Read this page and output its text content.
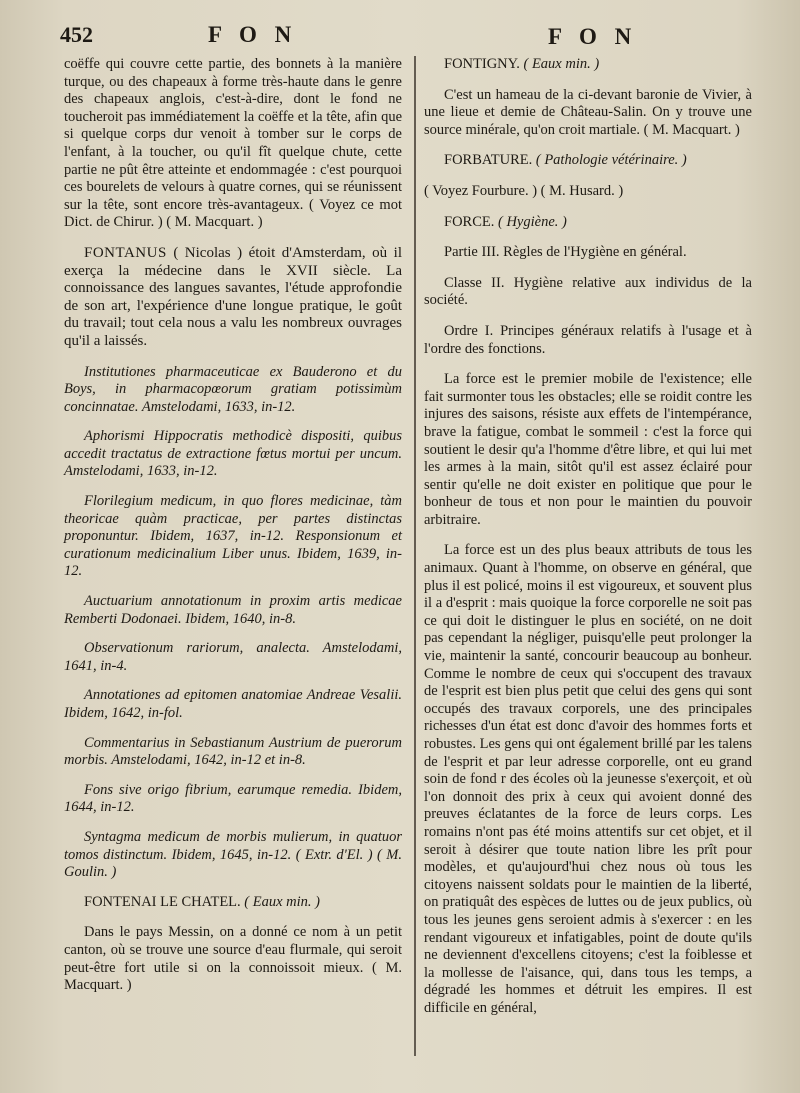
452	F O N	F O N

coëffe qui couvre cette partie, des bonnets à la manière turque, ou des chapeaux à forme très-haute dans le genre des chapeaux anglois, c'est-à-dire, dont le fond ne toucheroit pas immédiatement la coëffe et la tête, afin que si quelque corps dur venoit à tomber sur le corps de l'enfant, à la toucher, ou qu'il fît quelque chute, cette partie ne pût être atteinte et endommagée : c'est pourquoi ces bourelets de velours à quatre cornes, qui se réunissent sur la tête, sont encore très-avantageux. ( Voyez ce mot Dict. de Chirur. ) ( M. Macquart. )

FONTANUS ( Nicolas ) étoit d'Amsterdam, où il exerça la médecine dans le XVII siècle. La connoissance des langues savantes, l'étude approfondie de son art, l'expérience d'une longue pratique, le goût du travail; tout cela nous a valu les nombreux ouvrages qu'il a laissés.

Institutiones pharmaceuticae ex Bauderono et du Boys, in pharmacopœorum gratiam potissimùm concinnatae. Amstelodami, 1633, in-12.

Aphorismi Hippocratis methodicè dispositi, quibus accedit tractatus de extractione fœtus mortui per uncum. Amstelodami, 1633, in-12.

Florilegium medicum, in quo flores medicinae, tàm theoricae quàm practicae, per partes distinctas proponuntur. Ibidem, 1637, in-12. Responsionum et curationum medicinalium Liber unus. Ibidem, 1639, in-12.

Auctuarium annotationum in proxim artis medicae Remberti Dodonaei. Ibidem, 1640, in-8.

Observationum rariorum, analecta. Amstelodami, 1641, in-4.

Annotationes ad epitomen anatomiae Andreae Vesalii. Ibidem, 1642, in-fol.

Commentarius in Sebastianum Austrium de puerorum morbis. Amstelodami, 1642, in-12 et in-8.

Fons sive origo fibrium, earumque remedia. Ibidem, 1644, in-12.

Syntagma medicum de morbis mulierum, in quatuor tomos distinctum. Ibidem, 1645, in-12. ( Extr. d'El. ) ( M. Goulin. )

FONTENAI LE CHATEL. ( Eaux min. )

Dans le pays Messin, on a donné ce nom à un petit canton, où se trouve une source d'eau flurmale, qui seroit peut-être fort utile si on la connoissoit mieux. ( M. Macquart. )

FONTIGNY. ( Eaux min. )

C'est un hameau de la ci-devant baronie de Vivier, à une lieue et demie de Château-Salin. On y trouve une source minérale, qu'on croit martiale. ( M. Macquart. )

FORBATURE. ( Pathologie vétérinaire. )

( Voyez Fourbure. ) ( M. Husard. )

FORCE. ( Hygiène. )

Partie III. Règles de l'Hygiène en général.

Classe II. Hygiène relative aux individus de la société.

Ordre I. Principes généraux relatifs à l'usage et à l'ordre des fonctions.

La force est le premier mobile de l'existence; elle fait surmonter tous les obstacles; elle se roidit contre les injures des saisons, résiste aux effets de l'intempérance, brave la fatigue, combat le sommeil : c'est la force qui soutient le desir qu'a l'homme d'être libre, et qui lui met les armes à la main, sitôt qu'il est assez éclairé pour sentir qu'elle ne doit exister en politique que pour le bonheur de tous et non pour le maintien du pouvoir arbitraire.

La force est un des plus beaux attributs de tous les animaux. Quant à l'homme, on observe en général, que plus il est policé, moins il est vigoureux, et souvent plus il a d'esprit : mais quoique la force corporelle ne soit pas ce qui doit le distinguer le plus en société, on ne doit pas cependant la négliger, puisqu'elle peut prolonger la vie, maintenir la santé, concourir beaucoup au bonheur. Comme le nombre de ceux qui s'occupent des travaux de l'esprit est bien plus petit que celui des gens qui sont occupés des travaux corporels, une des principales richesses d'un état est donc d'avoir des hommes forts et robustes. Les gens qui ont également brillé par les talens de l'esprit et par leur adresse corporelle, ont eu grand soin de fond r des écoles où la jeunesse s'exerçoit, et où l'on donnoit des prix à ceux qui avoient donné des preuves éclatantes de la force de leurs corps. Les romains n'ont pas été moins attentifs sur cet objet, et il seroit à désirer que toute nation libre les prît pour modèles, et qu'aujourd'hui chez nous où tous les citoyens naissent soldats pour le maintien de la liberté, on pratiquât des espèces de luttes ou de jeux publics, où tous les jeunes gens seroient admis à s'exercer : en les rendant vigoureux et infatigables, point de doute qu'ils ne deviennent d'excellens citoyens; c'est la foiblesse et la mollesse de l'aisance, qui, dans tous les temps, a dégradé les hommes et détruit les empires. Il est difficile en général,
